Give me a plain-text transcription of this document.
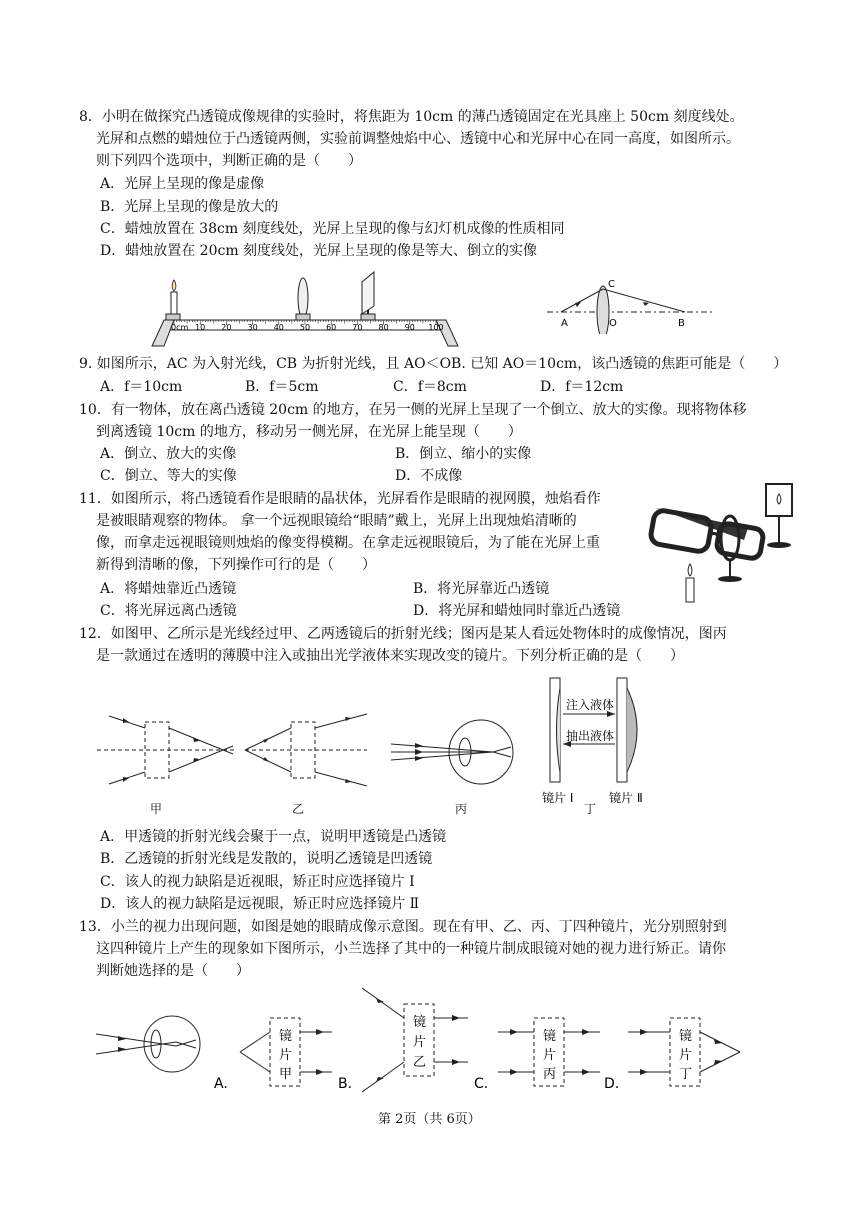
8．小明在做探究凸透镜成像规律的实验时，将焦距为 10cm 的薄凸透镜固定在光具座上 50cm 刻度线处。
光屏和点燃的蜡烛位于凸透镜两侧，实验前调整烛焰中心、透镜中心和光屏中心在同一高度，如图所示。
则下列四个选项中，判断正确的是（　　）
A．光屏上呈现的像是虚像
B．光屏上呈现的像是放大的
C．蜡烛放置在 38cm 刻度线处，光屏上呈现的像与幻灯机成像的性质相同
D．蜡烛放置在 20cm 刻度线处，光屏上呈现的像是等大、倒立的实像
0cm 10 20 30 40 50 60 70 80 90 100	A	O	B
C
9. 如图所示，AC 为入射光线，CB 为折射光线，且 AO＜OB. 已知 AO＝10cm，该凸透镜的焦距可能是（　　）
A．f＝10cm	B．f＝5cm	C．f＝8cm	D．f＝12cm
10．有一物体，放在离凸透镜 20cm 的地方，在另一侧的光屏上呈现了一个倒立、放大的实像。现将物体移
到离透镜 10cm 的地方，移动另一侧光屏，在光屏上能呈现（　　）
A．倒立、放大的实像	B．倒立、缩小的实像
C．倒立、等大的实像	D．不成像
11．如图所示，将凸透镜看作是眼睛的晶状体，光屏看作是眼睛的视网膜，烛焰看作
是被眼睛观察的物体。 拿一个远视眼镜给“眼睛”戴上，光屏上出现烛焰清晰的
像，而拿走远视眼镜则烛焰的像变得模糊。在拿走远视眼镜后，为了能在光屏上重
新得到清晰的像，下列操作可行的是（　　）
A．将蜡烛靠近凸透镜	B．将光屏靠近凸透镜
C．将光屏远离凸透镜	D．将光屏和蜡烛同时靠近凸透镜
12．如图甲、乙所示是光线经过甲、乙两透镜后的折射光线；图丙是某人看远处物体时的成像情况，图丙
是一款通过在透明的薄膜中注入或抽出光学液体来实现改变的镜片。下列分析正确的是（　　）
注入液体
抽出液体
镜片 Ⅰ	镜片 Ⅱ
甲	乙	丙	丁
A．甲透镜的折射光线会聚于一点，说明甲透镜是凸透镜
B．乙透镜的折射光线是发散的，说明乙透镜是凹透镜
C．该人的视力缺陷是近视眼，矫正时应选择镜片 Ⅰ
D．该人的视力缺陷是远视眼，矫正时应选择镜片 Ⅱ
13．小兰的视力出现问题，如图是她的眼睛成像示意图。现在有甲、乙、丙、丁四种镜片，光分别照射到
这四种镜片上产生的现象如下图所示，小兰选择了其中的一种镜片制成眼镜对她的视力进行矫正。请你
判断她选择的是（　　）
镜
片
甲
镜
片
乙
镜
片
丙
镜
片
丁
A.	B.	C.	D.
第 2页（共 6页）
